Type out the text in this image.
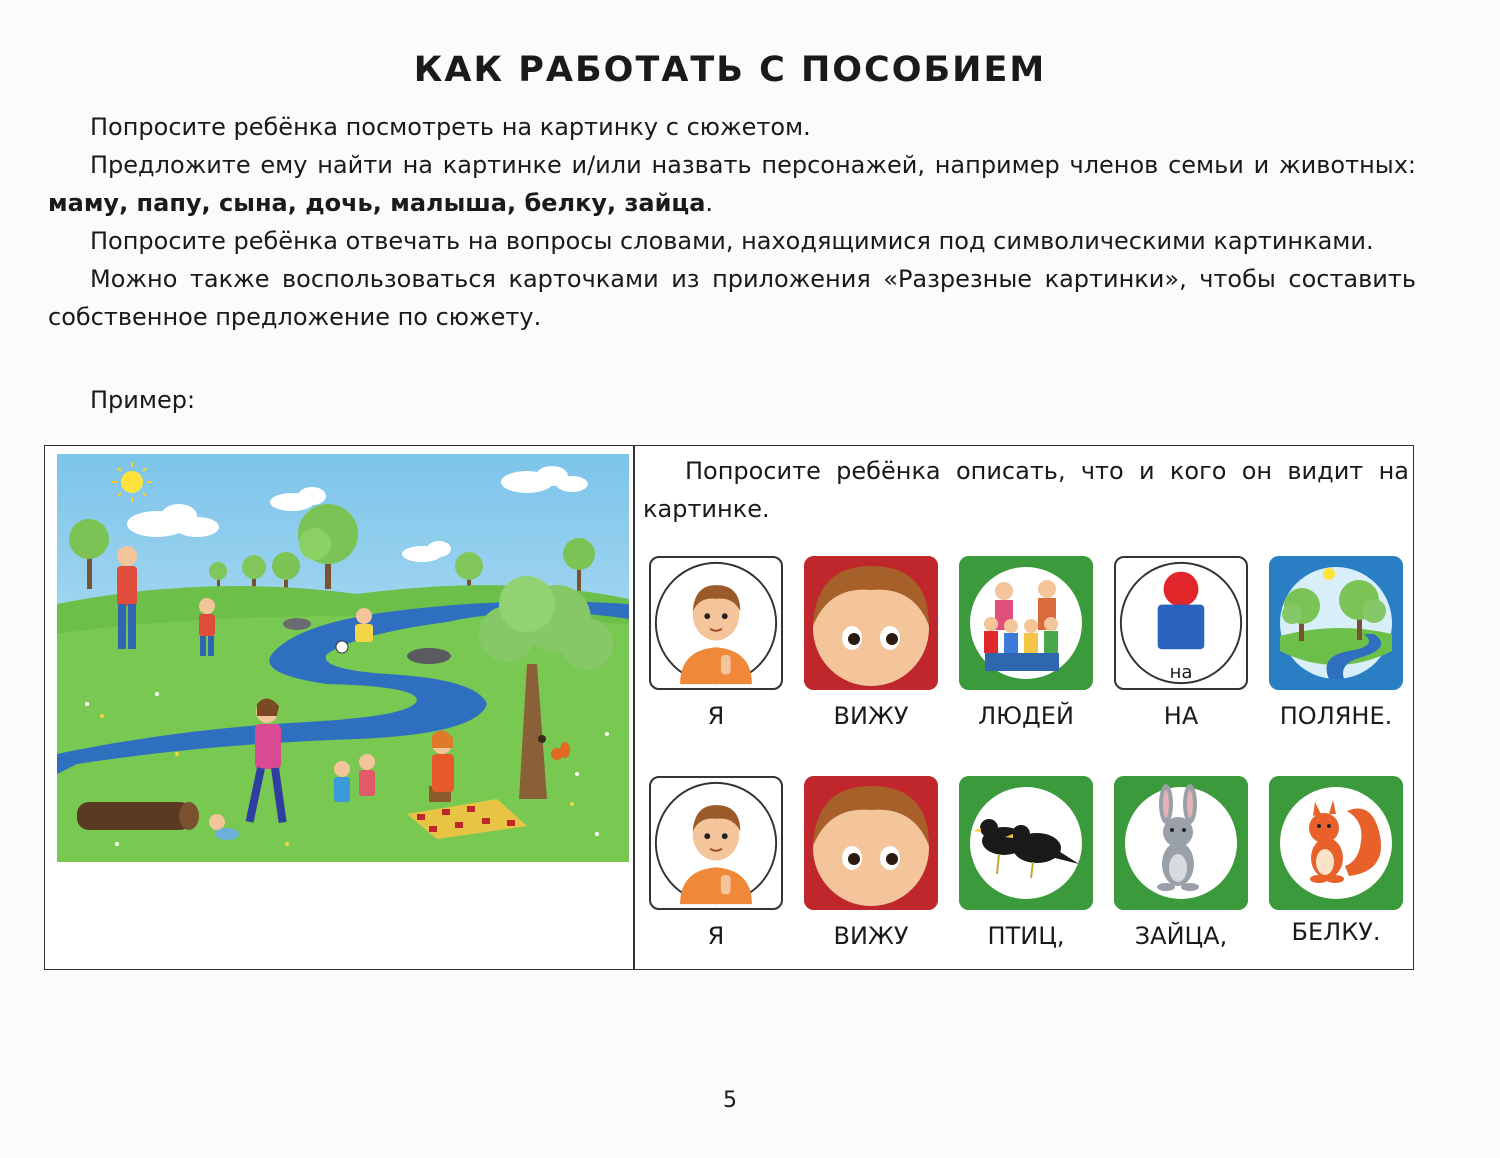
КАК РАБОТАТЬ С ПОСОБИЕМ

Попросите ребёнка посмотреть на картинку с сюжетом.

Предложите ему найти на картинке и/или назвать персонажей, например членов семьи и животных: маму, папу, сына, дочь, малыша, белку, зайца.

Попросите ребёнка отвечать на вопросы словами, находящимися под символическими картинками.

Можно также воспользоваться карточками из приложения «Разрезные картинки», чтобы составить собственное предложение по сюжету.

Пример:
Попросите ребёнка описать, что и кого он видит на картинке.
на
Я	ВИЖУ	ЛЮДЕЙ	НА	ПОЛЯНЕ.
Я	ВИЖУ	ПТИЦ,	ЗАЙЦА,	БЕЛКУ.
5
